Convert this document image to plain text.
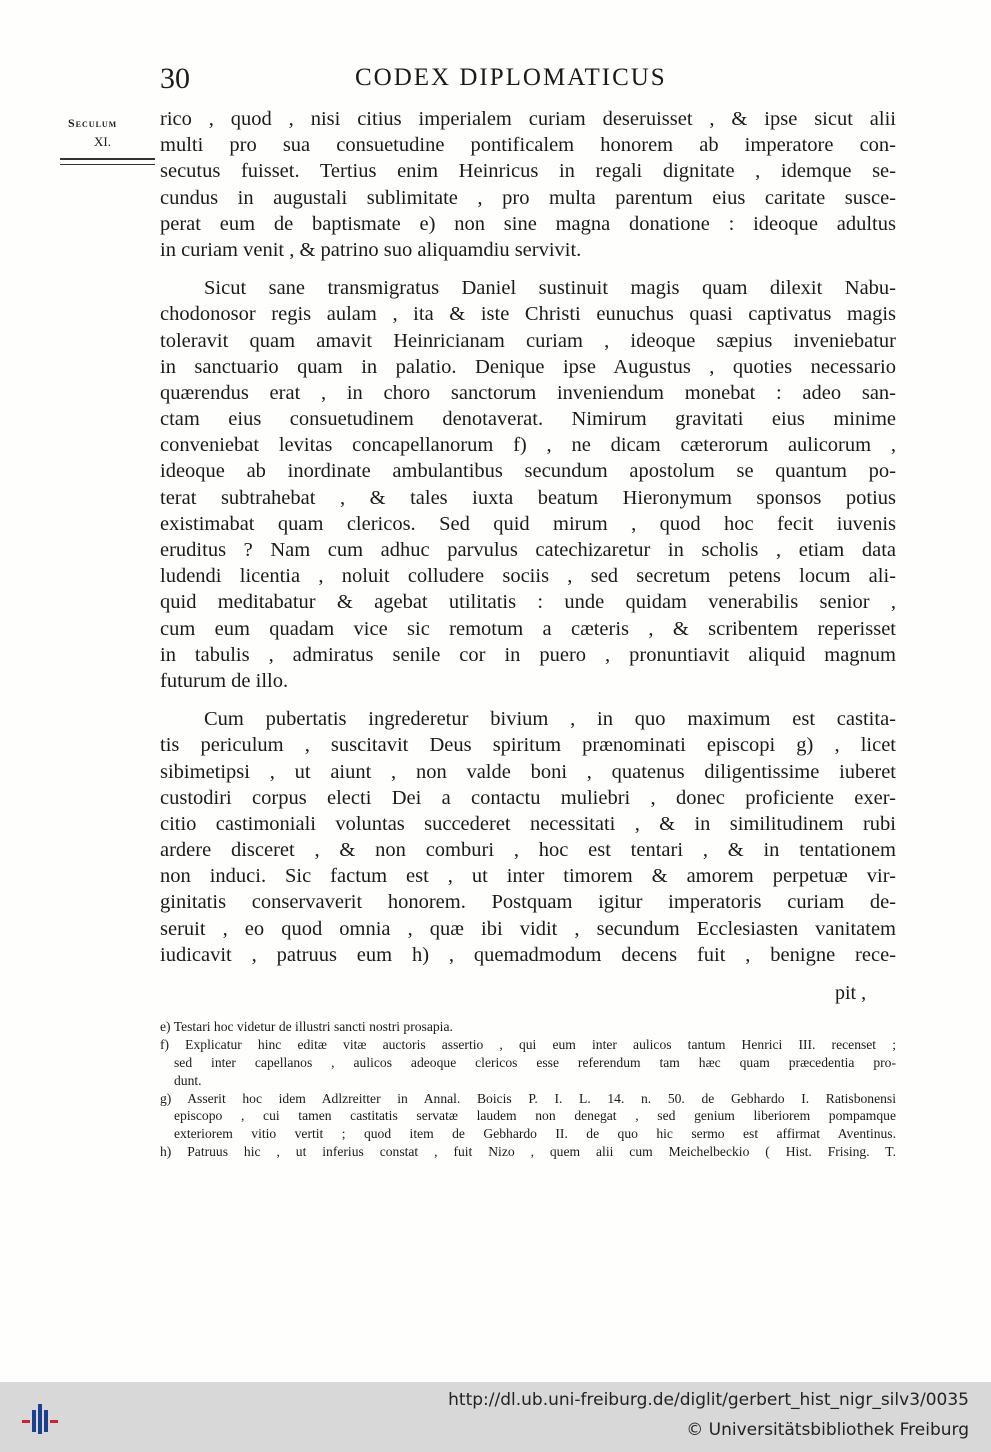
30	CODEX DIPLOMATICUS
Seculum
XI.
rico , quod , nisi citius imperialem curiam deseruisset , & ipse sicut alii
multi pro sua consuetudine pontificalem honorem ab imperatore con-
secutus fuisset. Tertius enim Heinricus in regali dignitate , idemque se-
cundus in augustali sublimitate , pro multa parentum eius caritate susce-
perat eum de baptismate e) non sine magna donatione : ideoque adultus
in curiam venit , & patrino suo aliquamdiu servivit.
Sicut sane transmigratus Daniel sustinuit magis quam dilexit Nabu-
chodonosor regis aulam , ita & iste Christi eunuchus quasi captivatus magis
toleravit quam amavit Heinricianam curiam , ideoque sæpius inveniebatur
in sanctuario quam in palatio. Denique ipse Augustus , quoties necessario
quærendus erat , in choro sanctorum inveniendum monebat : adeo san-
ctam eius consuetudinem denotaverat. Nimirum gravitati eius minime
conveniebat levitas concapellanorum f) , ne dicam cæterorum aulicorum ,
ideoque ab inordinate ambulantibus secundum apostolum se quantum po-
terat subtrahebat , & tales iuxta beatum Hieronymum sponsos potius
existimabat quam clericos. Sed quid mirum , quod hoc fecit iuvenis
eruditus ? Nam cum adhuc parvulus catechizaretur in scholis , etiam data
ludendi licentia , noluit colludere sociis , sed secretum petens locum ali-
quid meditabatur & agebat utilitatis : unde quidam venerabilis senior ,
cum eum quadam vice sic remotum a cæteris , & scribentem reperisset
in tabulis , admiratus senile cor in puero , pronuntiavit aliquid magnum
futurum de illo.
Cum pubertatis ingrederetur bivium , in quo maximum est castita-
tis periculum , suscitavit Deus spiritum prænominati episcopi g) , licet
sibimetipsi , ut aiunt , non valde boni , quatenus diligentissime iuberet
custodiri corpus electi Dei a contactu muliebri , donec proficiente exer-
citio castimoniali voluntas succederet necessitati , & in similitudinem rubi
ardere disceret , & non comburi , hoc est tentari , & in tentationem
non induci. Sic factum est , ut inter timorem & amorem perpetuæ vir-
ginitatis conservaverit honorem. Postquam igitur imperatoris curiam de-
seruit , eo quod omnia , quæ ibi vidit , secundum Ecclesiasten vanitatem
iudicavit , patruus eum h) , quemadmodum decens fuit , benigne rece-
pit ,
e) Testari hoc videtur de illustri sancti nostri prosapia.
f) Explicatur hinc editæ vitæ auctoris assertio , qui eum inter aulicos tantum Henrici III. recenset ;
sed inter capellanos , aulicos adeoque clericos esse referendum tam hæc quam præcedentia pro-
dunt.
g) Asserit hoc idem Adlzreitter in Annal. Boicis P. I. L. 14. n. 50. de Gebhardo I. Ratisbonensi
episcopo , cui tamen castitatis servatæ laudem non denegat , sed genium liberiorem pompamque
exteriorem vitio vertit ; quod item de Gebhardo II. de quo hic sermo est affirmat Aventinus.
h) Patruus hic , ut inferius constat , fuit Nizo , quem alii cum Meichelbeckio ( Hist. Frising. T.
http://dl.ub.uni-freiburg.de/diglit/gerbert_hist_nigr_silv3/0035
© Universitätsbibliothek Freiburg
